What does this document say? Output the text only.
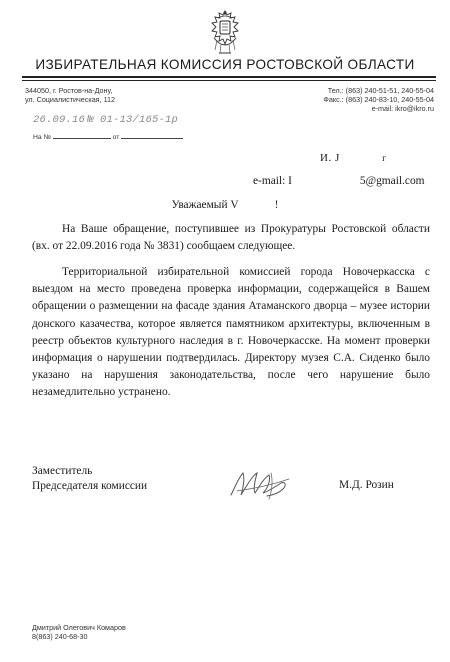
ИЗБИРАТЕЛЬНАЯ КОМИССИЯ РОСТОВСКОЙ ОБЛАСТИ
344050, г. Ростов-на-Дону,
ул. Социалистическая, 112
Тел.: (863) 240-51-51, 240-55-04
Факс.: (863) 240-83-10, 240-55-04
e-mail: ikro@ikro.ru
26.09.16 № 01-13/165-1р
На №	от
И. J	г
e-mail: I	5@gmail.com
Уважаемый V	!
На Ваше обращение, поступившее из Прокуратуры Ростовской области (вх. от 22.09.2016 года № 3831) сообщаем следующее.
Территориальной избирательной комиссией города Новочеркасска с выездом на место проведена проверка информации, содержащейся в Вашем обращении о размещении на фасаде здания Атаманского дворца – музее истории донского казачества, которое является памятником архитектуры, включенным в реестр объектов культурного наследия в г. Новочеркасске. На момент проверки информация о нарушении подтвердилась. Директору музея С.А. Сиденко было указано на нарушения законодательства, после чего нарушение было незамедлительно устранено.
Заместитель
Председателя комиссии	М.Д. Розин
Дмитрий Олегович Комаров
8(863) 240-68-30
